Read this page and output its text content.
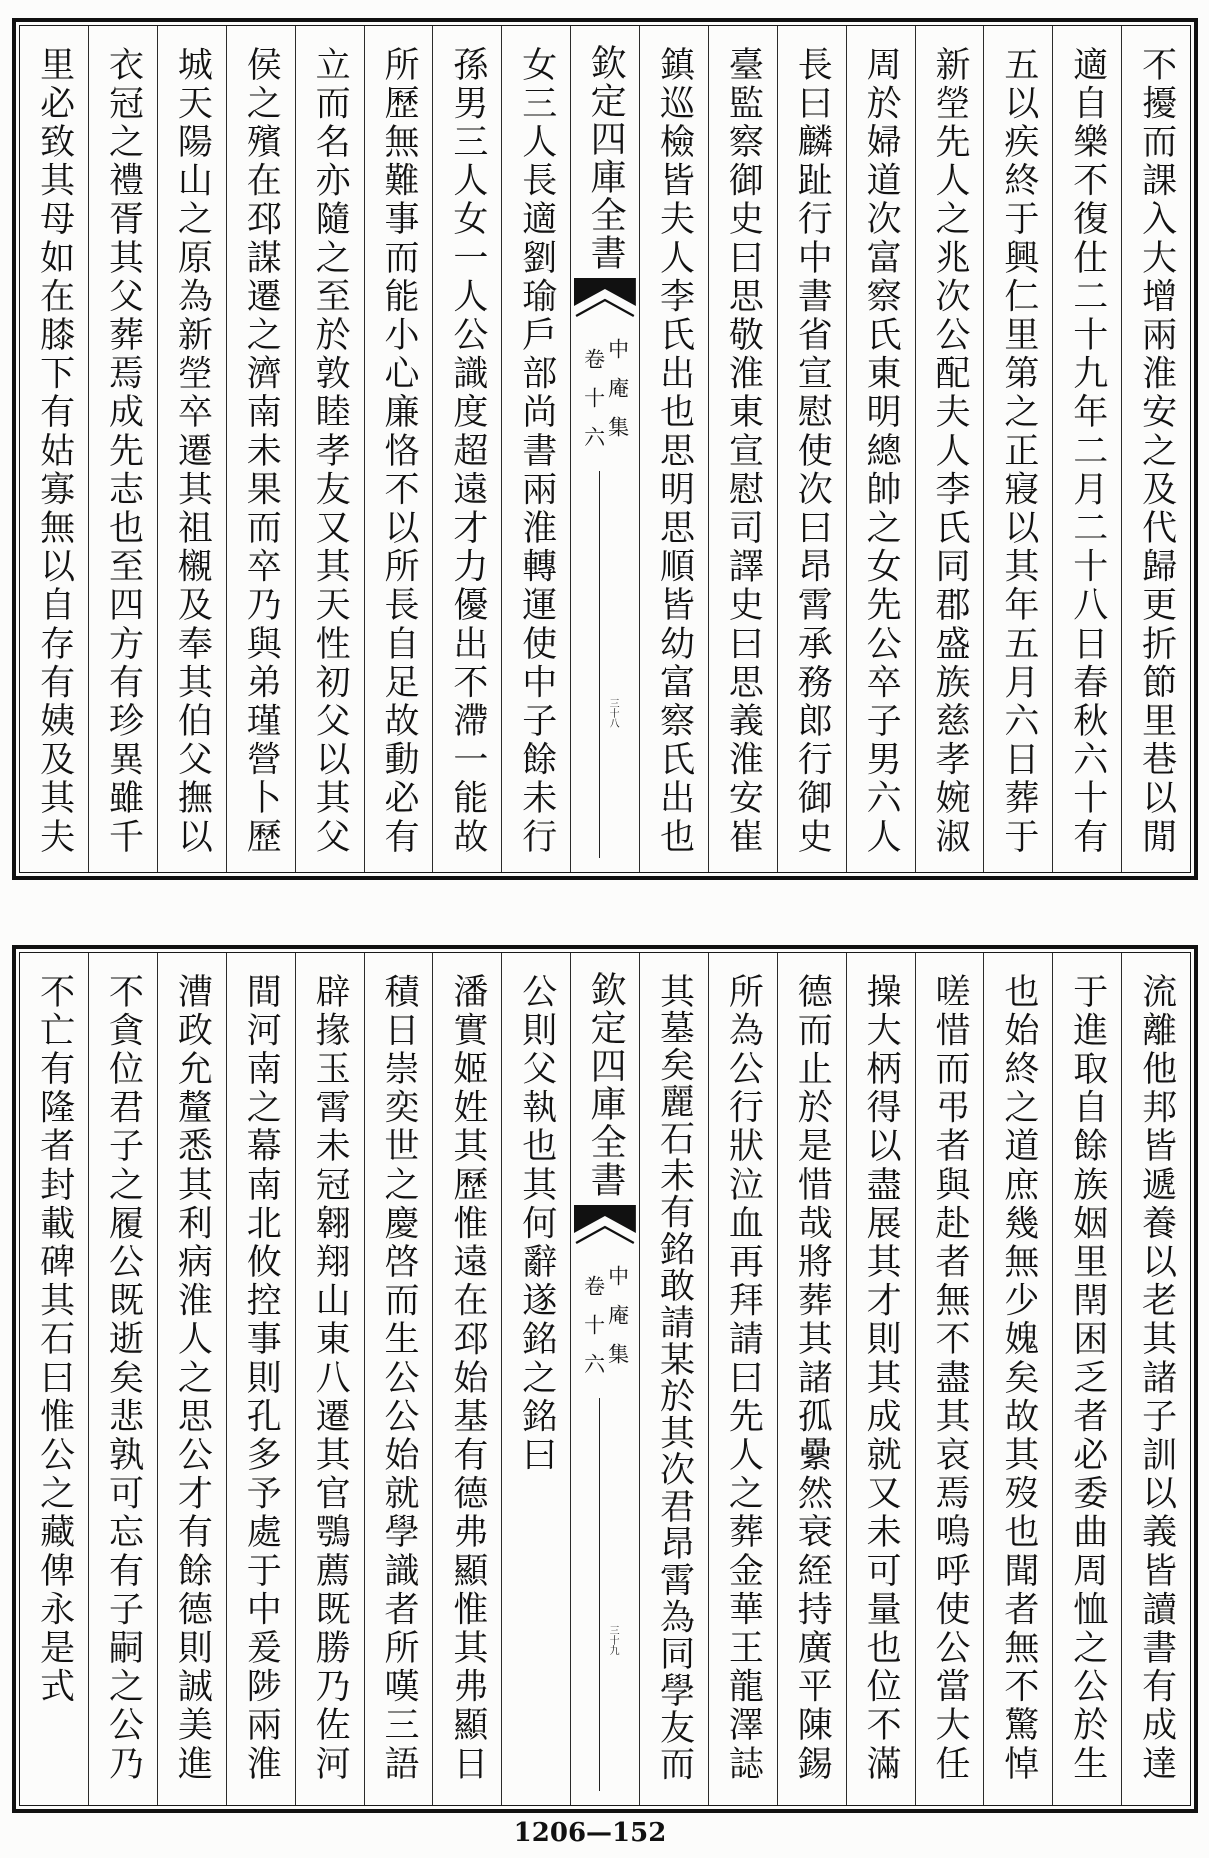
不擾而課入大增兩淮安之及代歸更折節里巷以閒
適自樂不復仕二十九年二月二十八日春秋六十有
五以疾終于興仁里第之正寢以其年五月六日葬于
新塋先人之兆次公配夫人李氏同郡盛族慈孝婉淑
周於婦道次富察氏東明總帥之女先公卒子男六人
長曰麟趾行中書省宣慰使次曰昂霄承務郎行御史
臺監察御史曰思敬淮東宣慰司譯史曰思義淮安崔
鎮巡檢皆夫人李氏出也思明思順皆幼富察氏出也
欽定四庫全書
中庵集
卷十六
三十八
女三人長適劉瑜戶部尚書兩淮轉運使中子餘未行
孫男三人女一人公識度超遠才力優出不滯一能故
所歷無難事而能小心廉恪不以所長自足故動必有
立而名亦隨之至於敦睦孝友又其天性初父以其父
侯之殯在邳謀遷之濟南未果而卒乃與弟瑾營卜歷
城天陽山之原為新塋卒遷其祖櫬及奉其伯父撫以
衣冠之禮胥其父葬焉成先志也至四方有珍異雖千
里必致其母如在膝下有姑寡無以自存有姨及其夫
流離他邦皆遞養以老其諸子訓以義皆讀書有成達
于進取自餘族姻里閈困乏者必委曲周恤之公於生
也始終之道庶幾無少媿矣故其歿也聞者無不驚悼
嗟惜而弔者與赴者無不盡其哀焉嗚呼使公當大任
操大柄得以盡展其才則其成就又未可量也位不滿
德而止於是惜哉將葬其諸孤纍然衰絰持廣平陳錫
所為公行狀泣血再拜請曰先人之葬金華王龍澤誌
其墓矣麗石未有銘敢請某於其次君昂霄為同學友而
欽定四庫全書
中庵集
卷十六
三十九
公則父執也其何辭遂銘之銘曰
潘實姬姓其歷惟遠在邳始基有德弗顯惟其弗顯日
積日崇奕世之慶啓而生公公始就學識者所嘆三語
辟掾玉霄未冠翱翔山東八遷其官鶚薦既勝乃佐河
間河南之幕南北攸控事則孔多予處于中爰陟兩淮
漕政允釐悉其利病淮人之思公才有餘德則誠美進
不貪位君子之履公既逝矣悲孰可忘有子嗣之公乃
不亡有隆者封載碑其石曰惟公之藏俾永是式
1206—152
